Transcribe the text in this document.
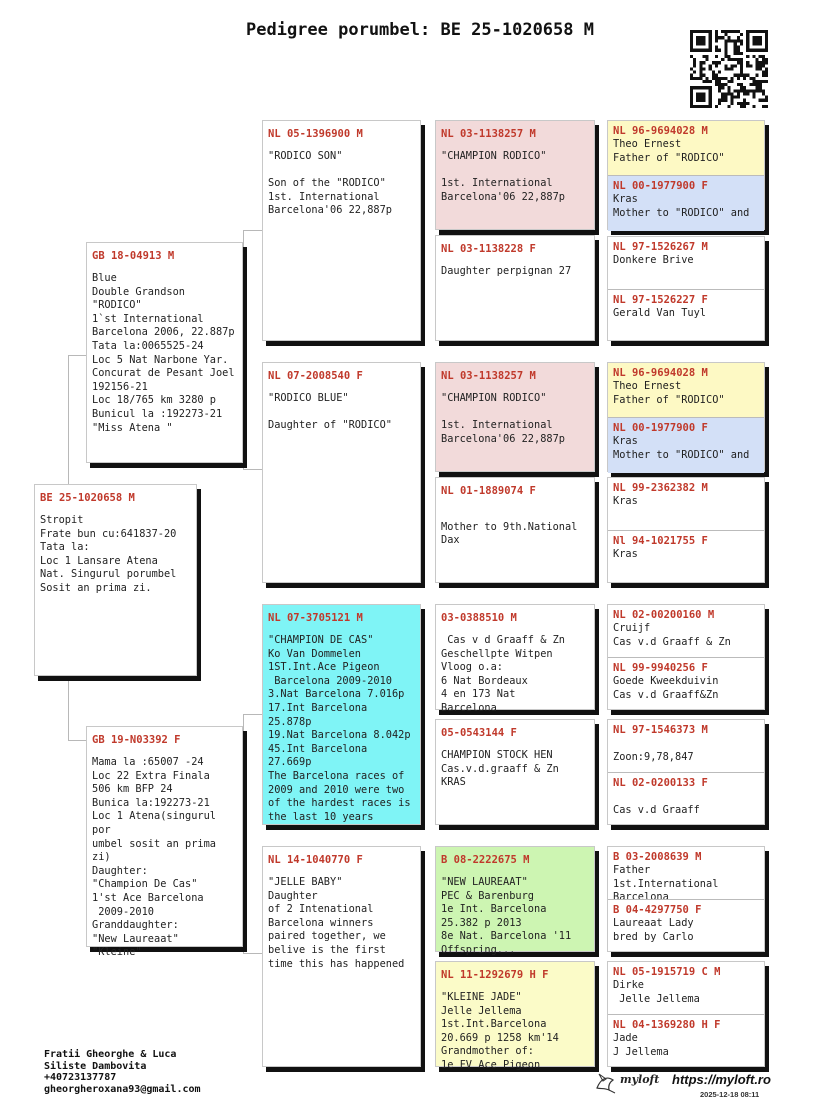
Pedigree porumbel: BE 25-1020658 M
BE 25-1020658 M
Stropit
Frate bun cu:641837-20
Tata la:
Loc 1 Lansare Atena
Nat. Singurul porumbel
Sosit an prima zi.
GB 18-04913 M
Blue
Double Grandson "RODICO"
1`st International
Barcelona 2006, 22.887p
Tata la:0065525-24
Loc 5 Nat Narbone Yar.
Concurat de Pesant Joel
192156-21
Loc 18/765 km 3280 p
Bunicul la :192273-21
"Miss Atena "
GB 19-N03392 F
Mama la :65007 -24
Loc 22 Extra Finala
506 km BFP 24
Bunica la:192273-21
Loc 1 Atena(singurul por
umbel sosit an prima zi)
Daughter:
"Champion De Cas"
1'st Ace Barcelona
2009-2010
Granddaughter:
"New Laureaat"
"Kleine"
NL 05-1396900 M
"RODICO SON"

Son of the "RODICO"
1st. International
Barcelona'06 22,887p
NL 07-2008540 F
"RODICO BLUE"

Daughter of "RODICO"
NL 07-3705121 M
"CHAMPION DE CAS"
Ko Van Dommelen
1ST.Int.Ace Pigeon
Barcelona 2009-2010
3.Nat Barcelona 7.016p
17.Int Barcelona 25.878p
19.Nat Barcelona 8.042p
45.Int Barcelona 27.669p
The Barcelona races of 2009 and 2010 were two of the hardest races is the last 10 years
NL 14-1040770 F
"JELLE BABY"
Daughter
of 2 Intenational Barcelona winners paired together, we belive is the first time this has happened
NL 03-1138257 M
"CHAMPION RODICO"

1st. International
Barcelona'06 22,887p
NL 03-1138228 F
Daughter perpignan 27
NL 03-1138257 M
"CHAMPION RODICO"

1st. International
Barcelona'06 22,887p
NL 01-1889074 F

Mother to 9th.National
Dax
03-0388510 M
Cas v d Graaff & Zn
Geschellpte Witpen
Vloog o.a:
6 Nat Bordeaux
4 en 173 Nat
Barcelona
05-0543144 F
CHAMPION STOCK HEN
Cas.v.d.graaff & Zn
KRAS
B 08-2222675 M
"NEW LAUREAAT"
PEC & Barenburg
1e Int. Barcelona
25.382 p 2013
8e Nat. Barcelona '11
Offspring...

NL 11-1292679 H F
"KLEINE JADE"
Jelle Jellema
1st.Int.Barcelona
20.669 p 1258 km'14
Grandmother of:
1e FV Ace Pigeon
NL 96-9694028 M
Theo Ernest
Father of "RODICO"
NL 00-1977900 F
Kras
Mother to "RODICO" and
NL 97-1526267 M
Donkere Brive
NL 97-1526227 F
Gerald Van Tuyl
NL 96-9694028 M
Theo Ernest
Father of "RODICO"
NL 00-1977900 F
Kras
Mother to "RODICO" and
NL 99-2362382 M
Kras
Nl 94-1021755 F
Kras
NL 02-00200160 M
Cruijf
Cas v.d Graaff & Zn
NL 99-9940256 F
Goede Kweekduivin
Cas v.d Graaff&Zn
NL 97-1546373 M

Zoon:9,78,847
NL 02-0200133 F

Cas v.d Graaff
B 03-2008639 M
Father 1st.International
Barcelona
B 04-4297750 F
Laureaat Lady
bred by Carlo
NL 05-1915719 C M
Dirke
Jelle Jellema
NL 04-1369280 H F
Jade
J Jellema
Fratii Gheorghe & Luca
Siliste Dambovita
+40723137787
gheorgheroxana93@gmail.com
myloft https://myloft.ro
2025-12-18 08:11
